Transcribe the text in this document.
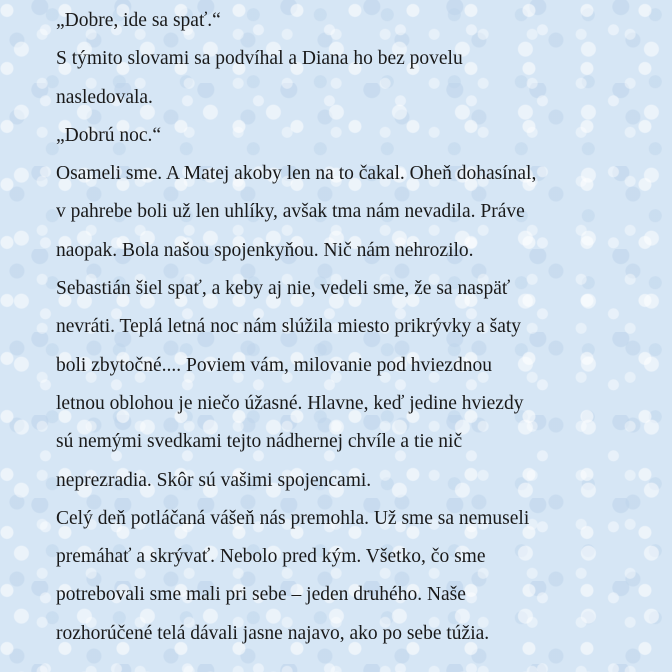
„Dobre, ide sa spať.“
S týmito slovami sa podvíhal a Diana ho bez povelu
nasledovala.
„Dobrú noc.“
Osameli sme. A Matej akoby len na to čakal. Oheň dohasínal,
v pahrebe boli už len uhlíky, avšak tma nám nevadila. Práve
naopak. Bola našou spojenkyňou. Nič nám nehrozilo.
Sebastián šiel spať, a keby aj nie, vedeli sme, že sa naspäť
nevráti. Teplá letná noc nám slúžila miesto prikrývky a šaty
boli zbytočné.... Poviem vám, milovanie pod hviezdnou
letnou oblohou je niečo úžasné. Hlavne, keď jedine hviezdy
sú nemými svedkami tejto nádhernej chvíle a tie nič
neprezradia. Skôr sú vašimi spojencami.
Celý deň potláčaná vášeň nás premohla. Už sme sa nemuseli
premáhať a skrývať. Nebolo pred kým. Všetko, čo sme
potrebovali sme mali pri sebe – jeden druhého. Naše
rozhorúčené telá dávali jasne najavo, ako po sebe túžia.
